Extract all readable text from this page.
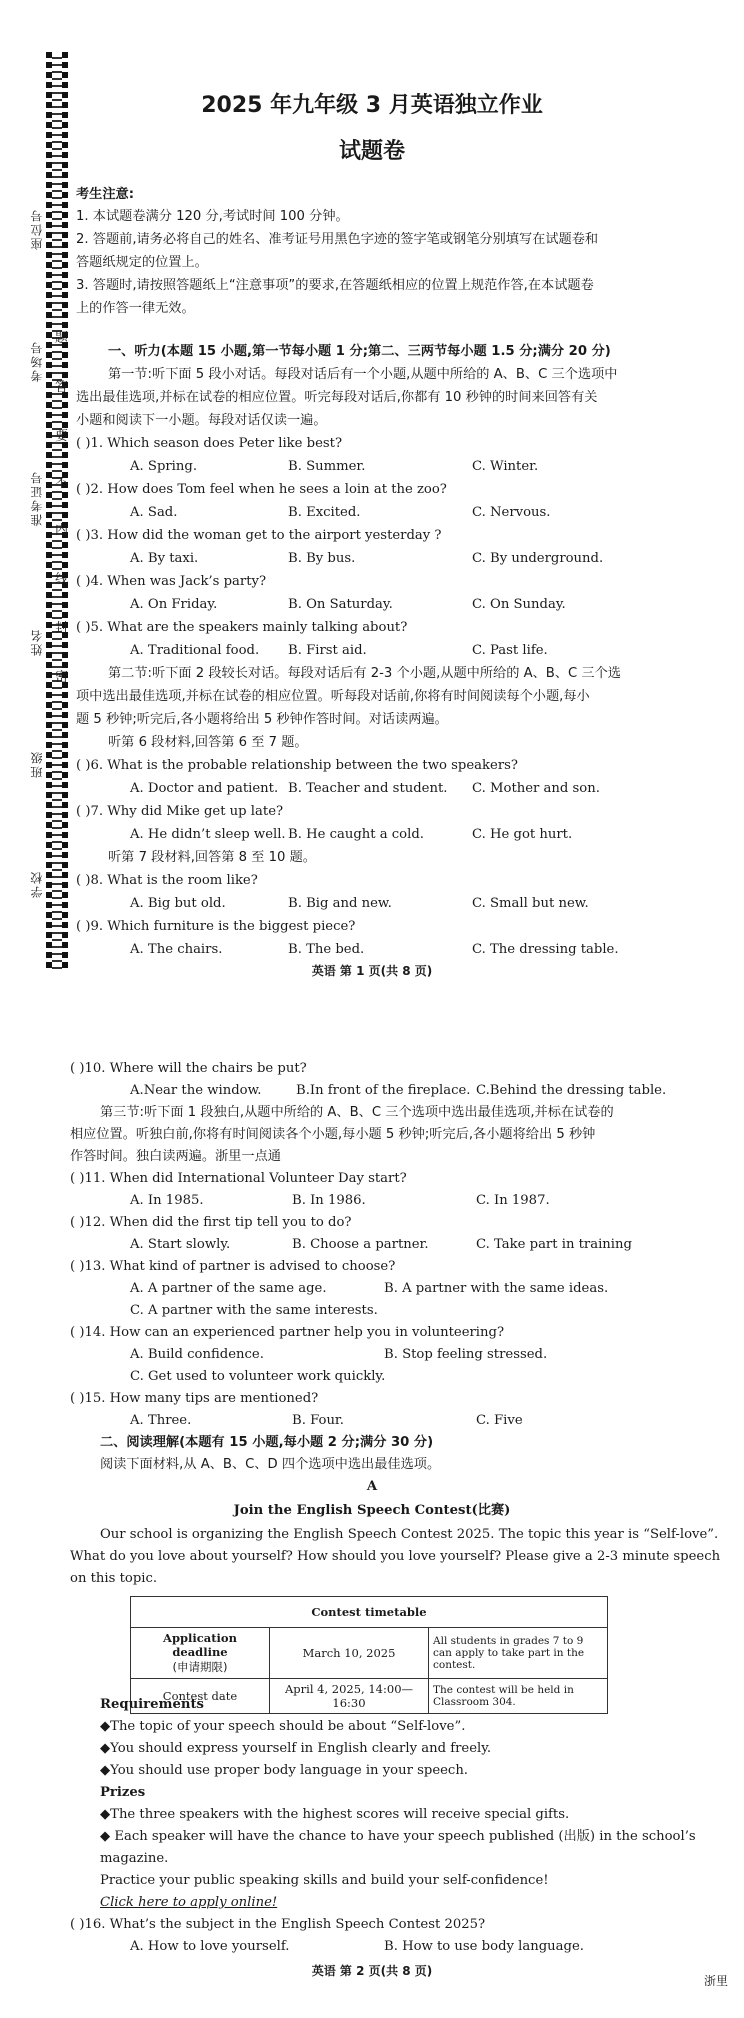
座位号
考场号
准考证号
姓名
班级
学校
题
答
要
不
内
线
封
密
2025 年九年级 3 月英语独立作业
试题卷
考生注意:
1. 本试题卷满分 120 分,考试时间 100 分钟。
2. 答题前,请务必将自己的姓名、准考证号用黑色字迹的签字笔或钢笔分别填写在试题卷和
答题纸规定的位置上。
3. 答题时,请按照答题纸上“注意事项”的要求,在答题纸相应的位置上规范作答,在本试题卷
上的作答一律无效。
一、听力(本题 15 小题,第一节每小题 1 分;第二、三两节每小题 1.5 分;满分 20 分)
第一节:听下面 5 段小对话。每段对话后有一个小题,从题中所给的 A、B、C 三个选项中
选出最佳选项,并标在试卷的相应位置。听完每段对话后,你都有 10 秒钟的时间来回答有关
小题和阅读下一小题。每段对话仅读一遍。
( )1. Which season does Peter like best?
A. Spring.	B. Summer.	C. Winter.
( )2. How does Tom feel when he sees a loin at the zoo?
A. Sad.	B. Excited.	C. Nervous.
( )3. How did the woman get to the airport yesterday ?
A. By taxi.	B. By bus.	C. By underground.
( )4. When was Jack’s party?
A. On Friday.	B. On Saturday.	C. On Sunday.
( )5. What are the speakers mainly talking about?
A. Traditional food. B. First aid.	C. Past life.
第二节:听下面 2 段较长对话。每段对话后有 2-3 个小题,从题中所给的 A、B、C 三个选
项中选出最佳选项,并标在试卷的相应位置。听每段对话前,你将有时间阅读每个小题,每小
题 5 秒钟;听完后,各小题将给出 5 秒钟作答时间。对话读两遍。
听第 6 段材料,回答第 6 至 7 题。
( )6. What is the probable relationship between the two speakers?
A. Doctor and patient. B. Teacher and student. C. Mother and son.
( )7. Why did Mike get up late?
A. He didn’t sleep well. B. He caught a cold.	C. He got hurt.
听第 7 段材料,回答第 8 至 10 题。
( )8. What is the room like?
A. Big but old.	B. Big and new.	C. Small but new.
( )9. Which furniture is the biggest piece?
A. The chairs.	B. The bed.	C. The dressing table.
英语 第 1 页(共 8 页)
( )10. Where will the chairs be put?
A.Near the window.	B.In front of the fireplace. C.Behind the dressing table.
第三节:听下面 1 段独白,从题中所给的 A、B、C 三个选项中选出最佳选项,并标在试卷的
相应位置。听独白前,你将有时间阅读各个小题,每小题 5 秒钟;听完后,各小题将给出 5 秒钟
作答时间。独白读两遍。浙里一点通
( )11. When did International Volunteer Day start?
A. In 1985.	B. In 1986.	C. In 1987.
( )12. When did the first tip tell you to do?
A. Start slowly.	B. Choose a partner.	C. Take part in training
( )13. What kind of partner is advised to choose?
A. A partner of the same age.	B. A partner with the same ideas.
C. A partner with the same interests.
( )14. How can an experienced partner help you in volunteering?
A. Build confidence.	B. Stop feeling stressed.
C. Get used to volunteer work quickly.
( )15. How many tips are mentioned?
A. Three.	B. Four.	C. Five
二、阅读理解(本题有 15 小题,每小题 2 分;满分 30 分)
阅读下面材料,从 A、B、C、D 四个选项中选出最佳选项。
A
Join the English Speech Contest(比赛)
Our school is organizing the English Speech Contest 2025. The topic this year is “Self-love”.
What do you love about yourself? How should you love yourself? Please give a 2-3 minute speech
on this topic.
Contest timetable		

Application deadline
(申请期限)	March 10, 2025	All students in grades 7 to 9 can apply to take part in the contest.
Contest date	April 4, 2025, 14:00—16:30	The contest will be held in Classroom 304.
Requirements
◆The topic of your speech should be about “Self-love”.
◆You should express yourself in English clearly and freely.
◆You should use proper body language in your speech.
Prizes
◆The three speakers with the highest scores will receive special gifts.
◆ Each speaker will have the chance to have your speech published (出版) in the school’s
magazine.
Practice your public speaking skills and build your self-confidence!
Click here to apply online!
( )16. What’s the subject in the English Speech Contest 2025?
A. How to love yourself.	B. How to use body language.
英语 第 2 页(共 8 页)
浙里
